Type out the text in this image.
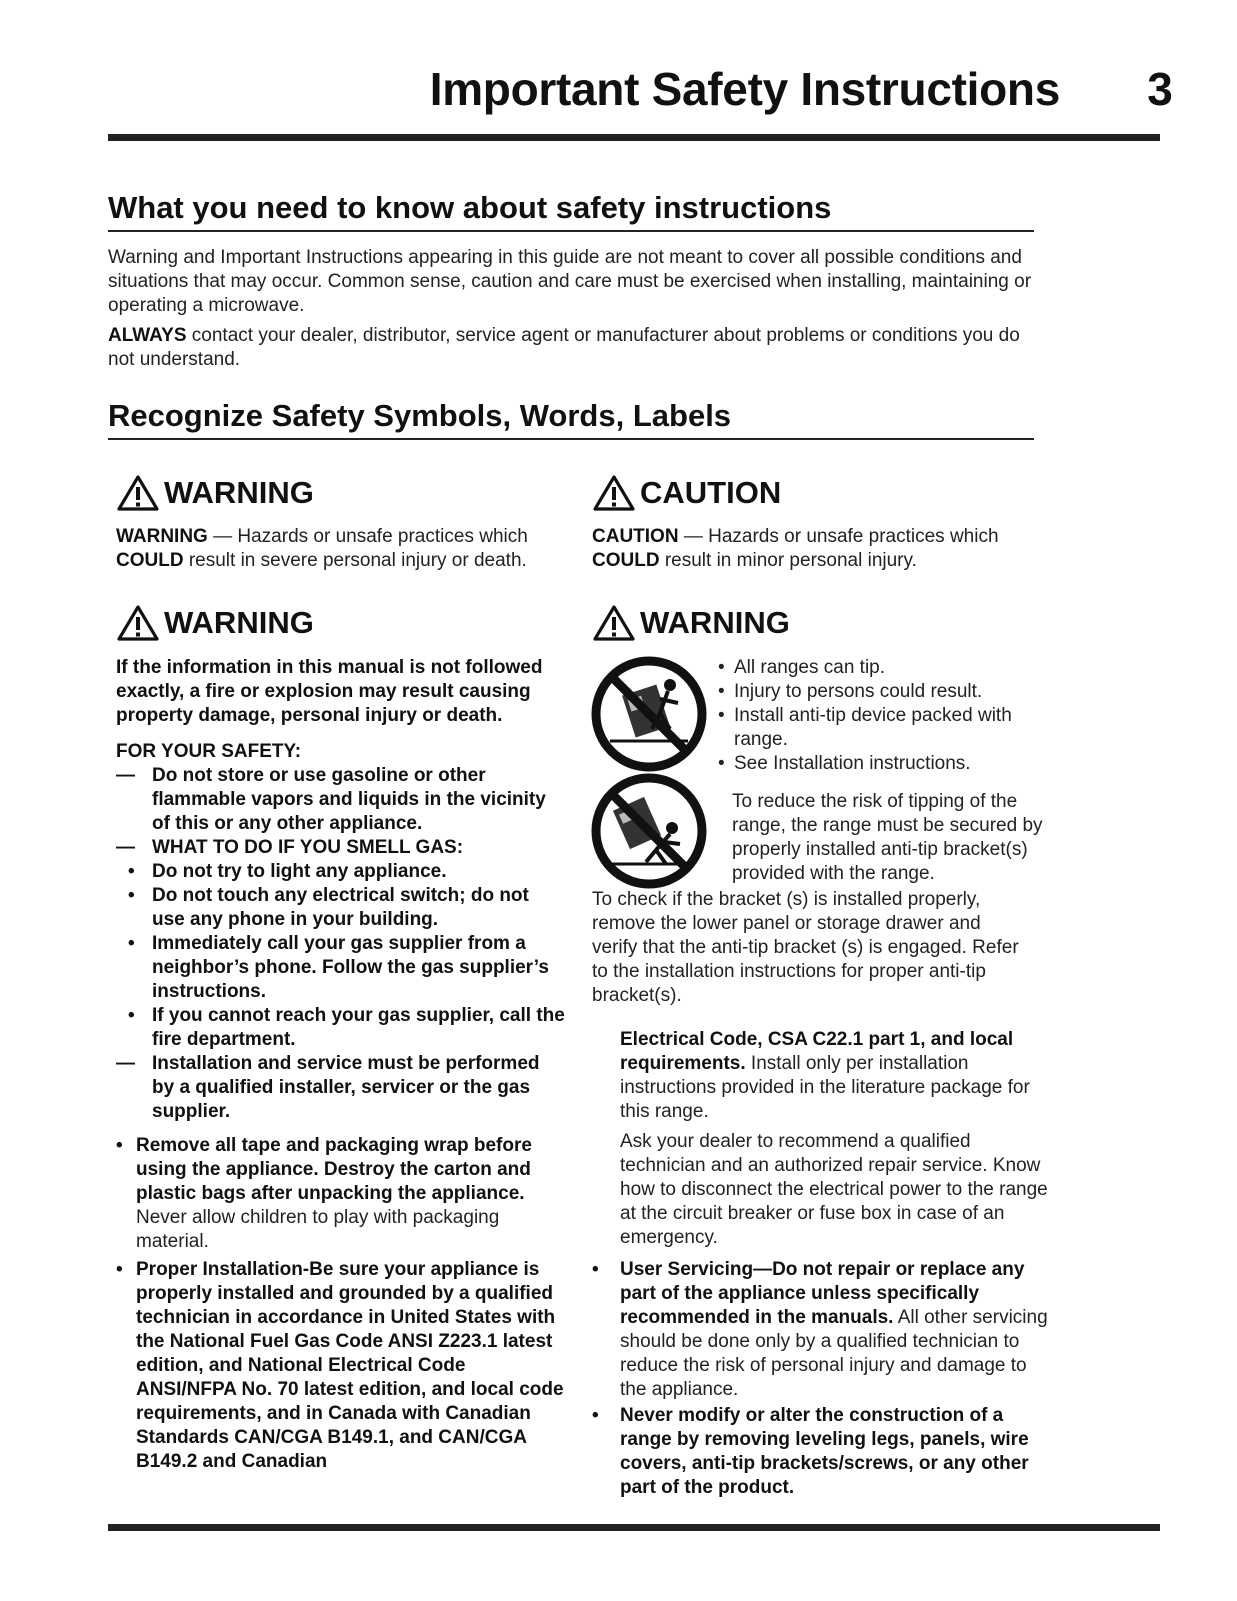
Important Safety Instructions	3
What you need to know about safety instructions
Warning and Important Instructions appearing in this guide are not meant to cover all possible conditions and situations that may occur. Common sense, caution and care must be exercised when installing, maintaining or operating a microwave.
ALWAYS contact your dealer, distributor, service agent or manufacturer about problems or conditions you do not understand.
Recognize Safety Symbols, Words, Labels
WARNING
WARNING — Hazards or unsafe practices which COULD result in severe personal injury or death.
CAUTION
CAUTION — Hazards or unsafe practices which COULD result in minor personal injury.
WARNING
If the information in this manual is not followed exactly, a fire or explosion may result causing property damage, personal injury or death.
FOR YOUR SAFETY:
— Do not store or use gasoline or other flammable vapors and liquids in the vicinity of this or any other appliance.
— WHAT TO DO IF YOU SMELL GAS:
• Do not try to light any appliance.
• Do not touch any electrical switch; do not use any phone in your building.
• Immediately call your gas supplier from a neighbor’s phone. Follow the gas supplier’s instructions.
• If you cannot reach your gas supplier, call the fire department.
— Installation and service must be performed by a qualified installer, servicer or the gas supplier.
• Remove all tape and packaging wrap before using the appliance. Destroy the carton and plastic bags after unpacking the appliance. Never allow children to play with packaging material.
• Proper Installation-Be sure your appliance is properly installed and grounded by a qualified technician in accordance in United States with the National Fuel Gas Code ANSI Z223.1 latest edition, and National Electrical Code ANSI/NFPA No. 70 latest edition, and local code requirements, and in Canada with Canadian Standards CAN/CGA B149.1, and CAN/CGA B149.2 and Canadian
WARNING
• All ranges can tip.
• Injury to persons could result.
• Install anti-tip device packed with range.
• See Installation instructions.
To reduce the risk of tipping of the range, the range must be secured by properly installed anti-tip bracket(s) provided with the range.
To check if the bracket (s) is installed properly, remove the lower panel or storage drawer and verify that the anti-tip bracket (s) is engaged. Refer to the installation instructions for proper anti-tip bracket(s).
Electrical Code, CSA C22.1 part 1, and local requirements. Install only per installation instructions provided in the literature package for this range.
Ask your dealer to recommend a qualified technician and an authorized repair service. Know how to disconnect the electrical power to the range at the circuit breaker or fuse box in case of an emergency.
•	User Servicing—Do not repair or replace any part of the appliance unless specifically recommended in the manuals. All other servicing should be done only by a qualified technician to reduce the risk of personal injury and damage to the appliance.
•	Never modify or alter the construction of a range by removing leveling legs, panels, wire covers, anti-tip brackets/screws, or any other part of the product.
